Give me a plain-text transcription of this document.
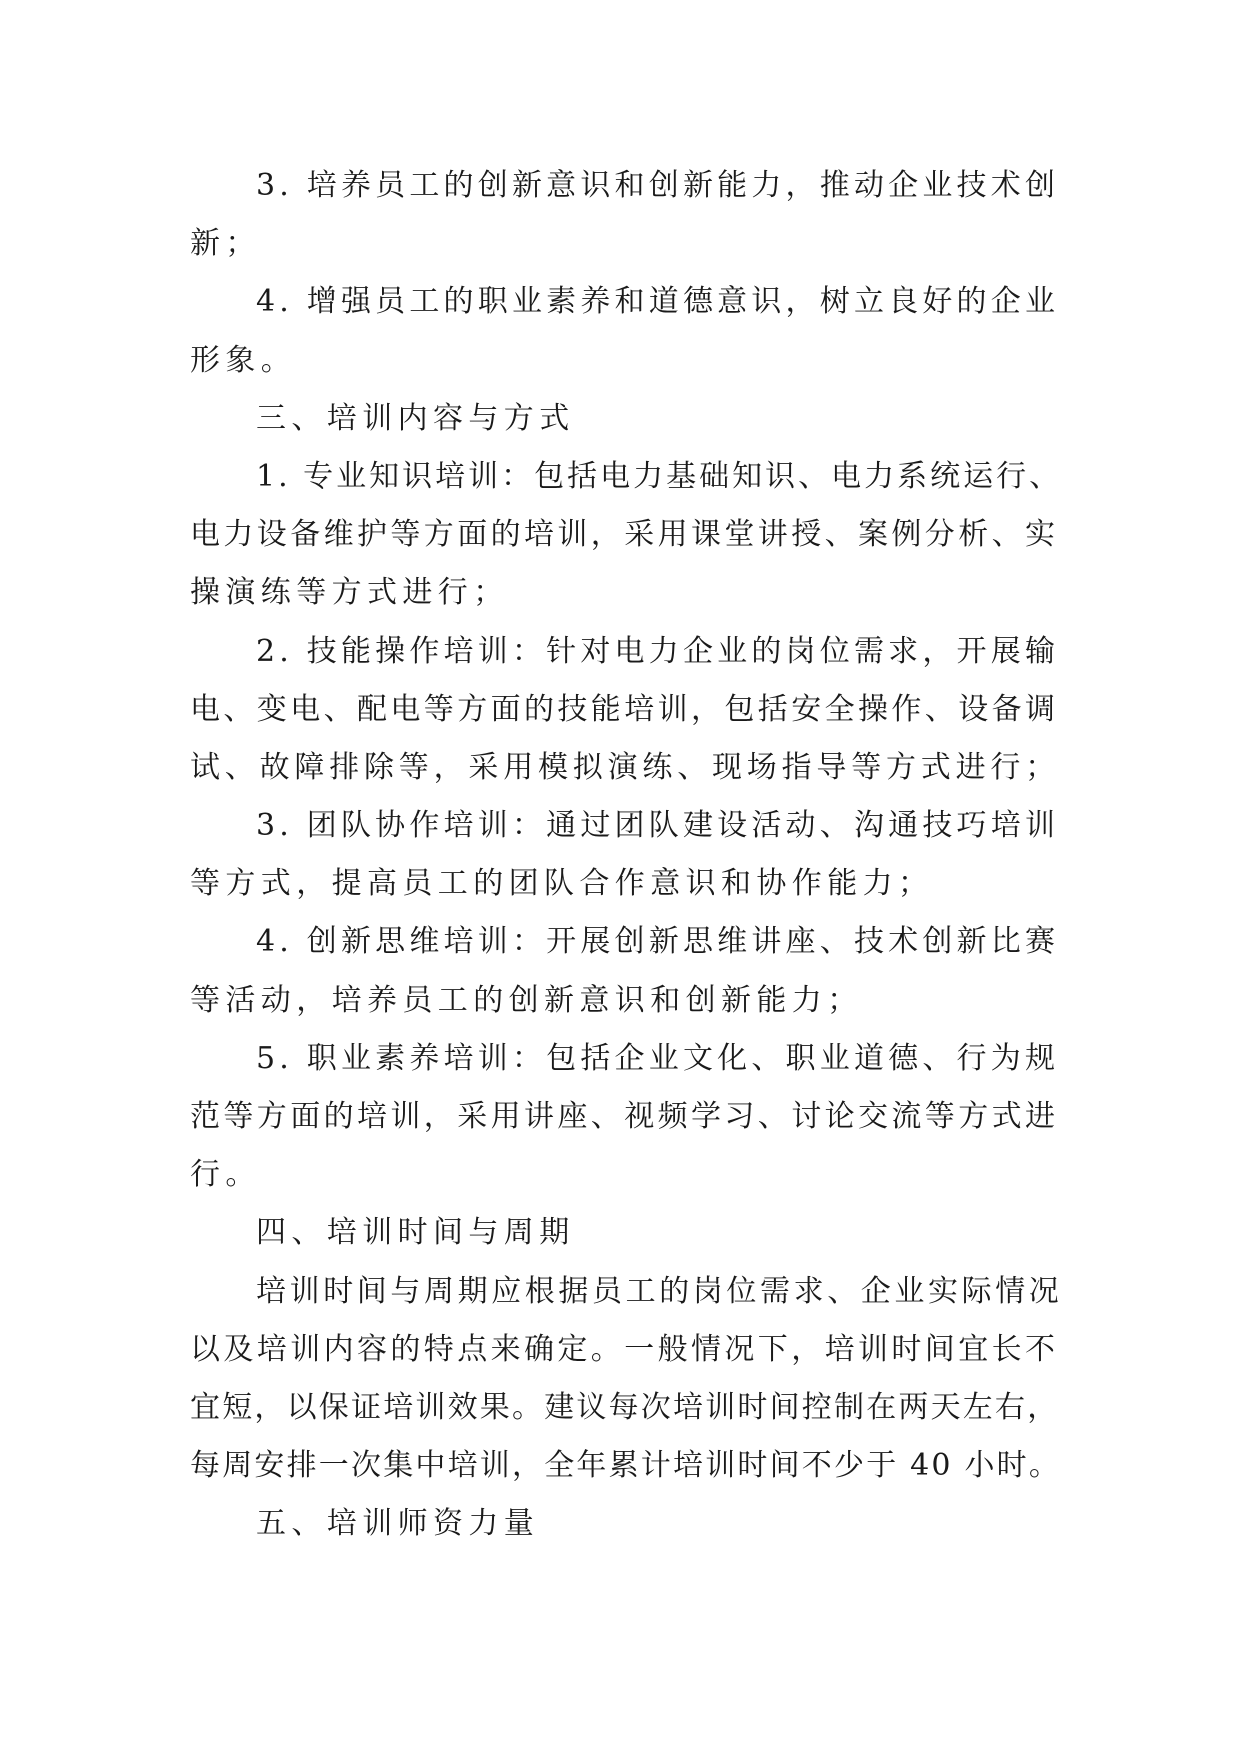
3. 培养员工的创新意识和创新能力，推动企业技术创
新；
4. 增强员工的职业素养和道德意识，树立良好的企业
形象。
三、培训内容与方式
1. 专业知识培训：包括电力基础知识、电力系统运行、
电力设备维护等方面的培训，采用课堂讲授、案例分析、实
操演练等方式进行；
2. 技能操作培训：针对电力企业的岗位需求，开展输
电、变电、配电等方面的技能培训，包括安全操作、设备调
试、故障排除等，采用模拟演练、现场指导等方式进行；
3. 团队协作培训：通过团队建设活动、沟通技巧培训
等方式，提高员工的团队合作意识和协作能力；
4. 创新思维培训：开展创新思维讲座、技术创新比赛
等活动，培养员工的创新意识和创新能力；
5. 职业素养培训：包括企业文化、职业道德、行为规
范等方面的培训，采用讲座、视频学习、讨论交流等方式进
行。
四、培训时间与周期
培训时间与周期应根据员工的岗位需求、企业实际情况
以及培训内容的特点来确定。一般情况下，培训时间宜长不
宜短，以保证培训效果。建议每次培训时间控制在两天左右，
每周安排一次集中培训，全年累计培训时间不少于 40 小时。
五、培训师资力量
